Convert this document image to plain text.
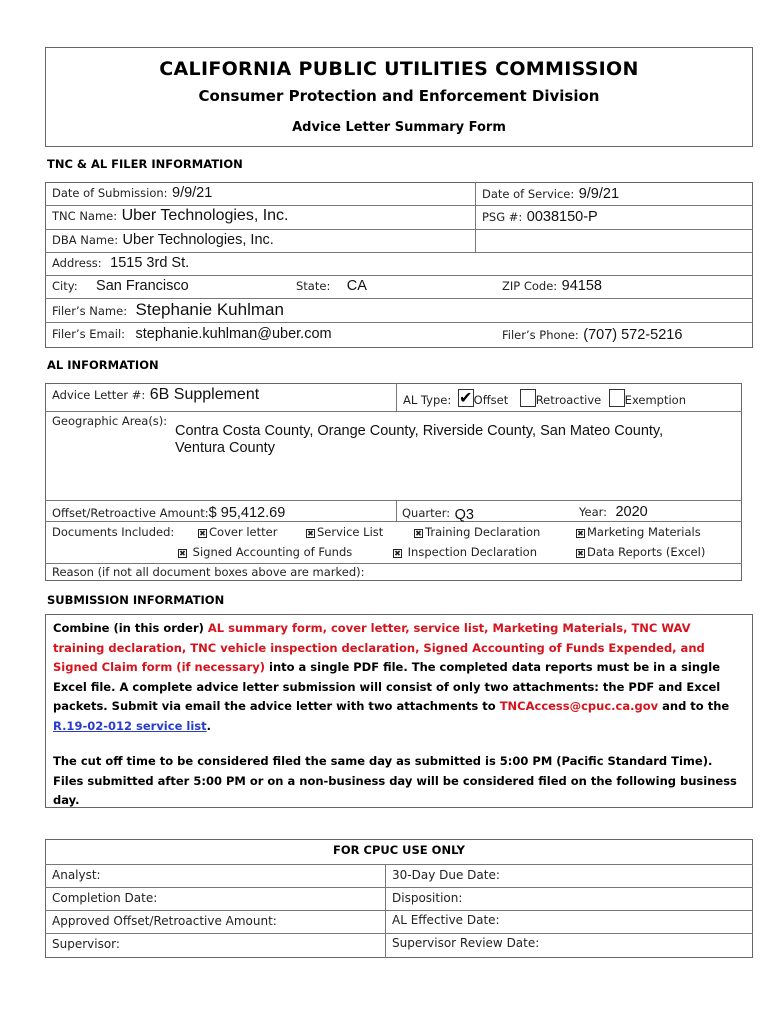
CALIFORNIA PUBLIC UTILITIES COMMISSION
Consumer Protection and Enforcement Division
Advice Letter Summary Form
TNC & AL FILER INFORMATION
Date of Submission: 9/9/21	Date of Service: 9/9/21
TNC Name: Uber Technologies, Inc.	PSG #: 0038150-P
DBA Name: Uber Technologies, Inc.
Address: 1515 3rd St.
City: San Francisco	State: CA	ZIP Code: 94158
Filer’s Name: Stephanie Kuhlman
Filer’s Email: stephanie.kuhlman@uber.com	Filer’s Phone: (707) 572-5216
AL INFORMATION
Advice Letter #: 6B Supplement	AL Type: ✔Offset Retroactive Exemption
Geographic Area(s):
Contra Costa County, Orange County, Riverside County, San Mateo County,
Ventura County
Offset/Retroactive Amount:$ 95,412.69	Quarter: Q3	Year: 2020
Documents Included:	✖ Cover letter	✖ Service List	✖ Training Declaration	✖ Marketing Materials
✖ Signed Accounting of Funds	✖ Inspection Declaration	✖ Data Reports (Excel)
Reason (if not all document boxes above are marked):
SUBMISSION INFORMATION
Combine (in this order) AL summary form, cover letter, service list, Marketing Materials, TNC WAV training declaration, TNC vehicle inspection declaration, Signed Accounting of Funds Expended, and Signed Claim form (if necessary) into a single PDF file. The completed data reports must be in a single Excel file. A complete advice letter submission will consist of only two attachments: the PDF and Excel packets. Submit via email the advice letter with two attachments to TNCAccess@cpuc.ca.gov and to the R.19-02-012 service list.
The cut off time to be considered filed the same day as submitted is 5:00 PM (Pacific Standard Time). Files submitted after 5:00 PM or on a non-business day will be considered filed on the following business day.
FOR CPUC USE ONLY
Analyst:	30-Day Due Date:
Completion Date:	Disposition:
Approved Offset/Retroactive Amount:	AL Effective Date:
Supervisor:	Supervisor Review Date:
